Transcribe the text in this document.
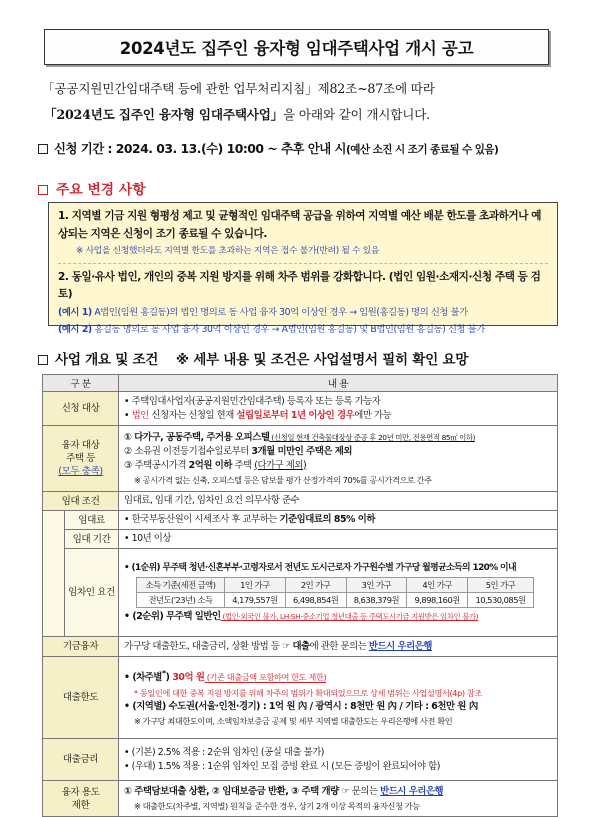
2024년도 집주인 융자형 임대주택사업 개시 공고
「공공지원민간임대주택 등에 관한 업무처리지침」제82조~87조에 따라
「2024년도 집주인 융자형 임대주택사업」을 아래와 같이 개시합니다.
신청 기간 : 2024. 03. 13.(수) 10:00 ~ 추후 안내 시(예산 소진 시 조기 종료될 수 있음)
주요 변경 사항
1. 지역별 기금 지원 형평성 제고 및 균형적인 임대주택 공급을 위하여 지역별 예산 배분 한도를 초과하거나 예상되는 지역은 신청이 조기 종료될 수 있습니다.
※ 사업을 신청했더라도 지역별 한도를 초과하는 지역은 접수 불가(반려) 될 수 있음
2. 동일·유사 법인, 개인의 중복 지원 방지를 위해 차주 범위를 강화합니다. (법인 임원·소재지·신청 주택 등 검토)
(예시 1) A법인(임원 홍길동)의 법인 명의로 동 사업 융자 30억 이상인 경우 → 임원(홍길동) 명의 신청 불가
(예시 2) 홍길동 명의로 동 사업 융자 30억 이상인 경우 → A법인(임원 홍길동) 및 B법인(임원 홍길동) 신청 불가
사업 개요 및 조건 ※ 세부 내용 및 조건은 사업설명서 필히 확인 요망
구 분	내 용
신청 대상	
• 주택임대사업자(공공지원민간임대주택) 등록자 또는 등록 가능자
• 법인 신청자는 신청일 현재 설립일로부터 1년 이상인 경우에만 가능

융자 대상
주택 등
(모두 충족)

① 다가구, 공동주택, 주거용 오피스텔 (신청일 현재 건축물대장상 준공 후 20년 미만, 전용면적 85㎡ 이하)
② 소유권 이전등기접수일로부터 3개월 미만인 주택은 제외
③ 주택공시가격 2억원 이하 주택 (다가구 제외)
※ 공시가격 없는 신축, 오피스텔 등은 담보물 평가 산정가격의 70%를 공시가격으로 간주

임대 조건	임대료, 임대 기간, 임차인 요건 의무사항 준수
	임대료	• 한국부동산원이 시세조사 후 교부하는 기준임대료의 85% 이하
임대 기간	• 10년 이상
임차인 요건	
• (1순위) 무주택 청년·신혼부부·고령자로서 전년도 도시근로자 가구원수별 가구당 월평균소득의 120% 이내
소득 기준(세전 금액)	1인 가구	2인 가구	3인 가구	4인 가구	5인 가구
전년도('23년) 소득	4,179,557원	6,498,854원	8,638,379원	9,898,160원	10,530,085원
• (2순위) 무주택 일반인 (법인·외국인 불가, LH·SH·중소기업 청년대출 등 주택도시기금 지원받은 임차인 불가)

기금융자	가구당 대출한도, 대출금리, 상환 방법 등 ☞ 대출에 관한 문의는 반드시 우리은행
대출한도	
• (차주별*) 30억 원 (기존 대출금액 포함하여 한도 제한)
* 동일인에 대한 중복 지원 방지를 위해 차주의 범위가 확대되었으므로 상세 범위는 사업설명서(4p) 참조
• (지역별) 수도권(서울·인천·경기) : 1억 원 內 / 광역시 : 8천만 원 內 / 기타 : 6천만 원 內
※ 가구당 최대한도이며, 소액임차보증금 공제 및 세부 지역별 대출한도는 우리은행에 사전 확인

대출금리	
• (기본) 2.5% 적용 : 2순위 임차인 (공실 대출 불가)
• (우대) 1.5% 적용 : 1순위 임차인 모집 증빙 완료 시 (모든 증빙이 완료되어야 함)

융자 용도
제한

① 주택담보대출 상환, ② 임대보증금 반환, ③ 주택 개량 ☞ 문의는 반드시 우리은행
※ 대출한도(차주별, 지역별) 원칙을 준수한 경우, 상기 2개 이상 목적의 융자신청 가능
